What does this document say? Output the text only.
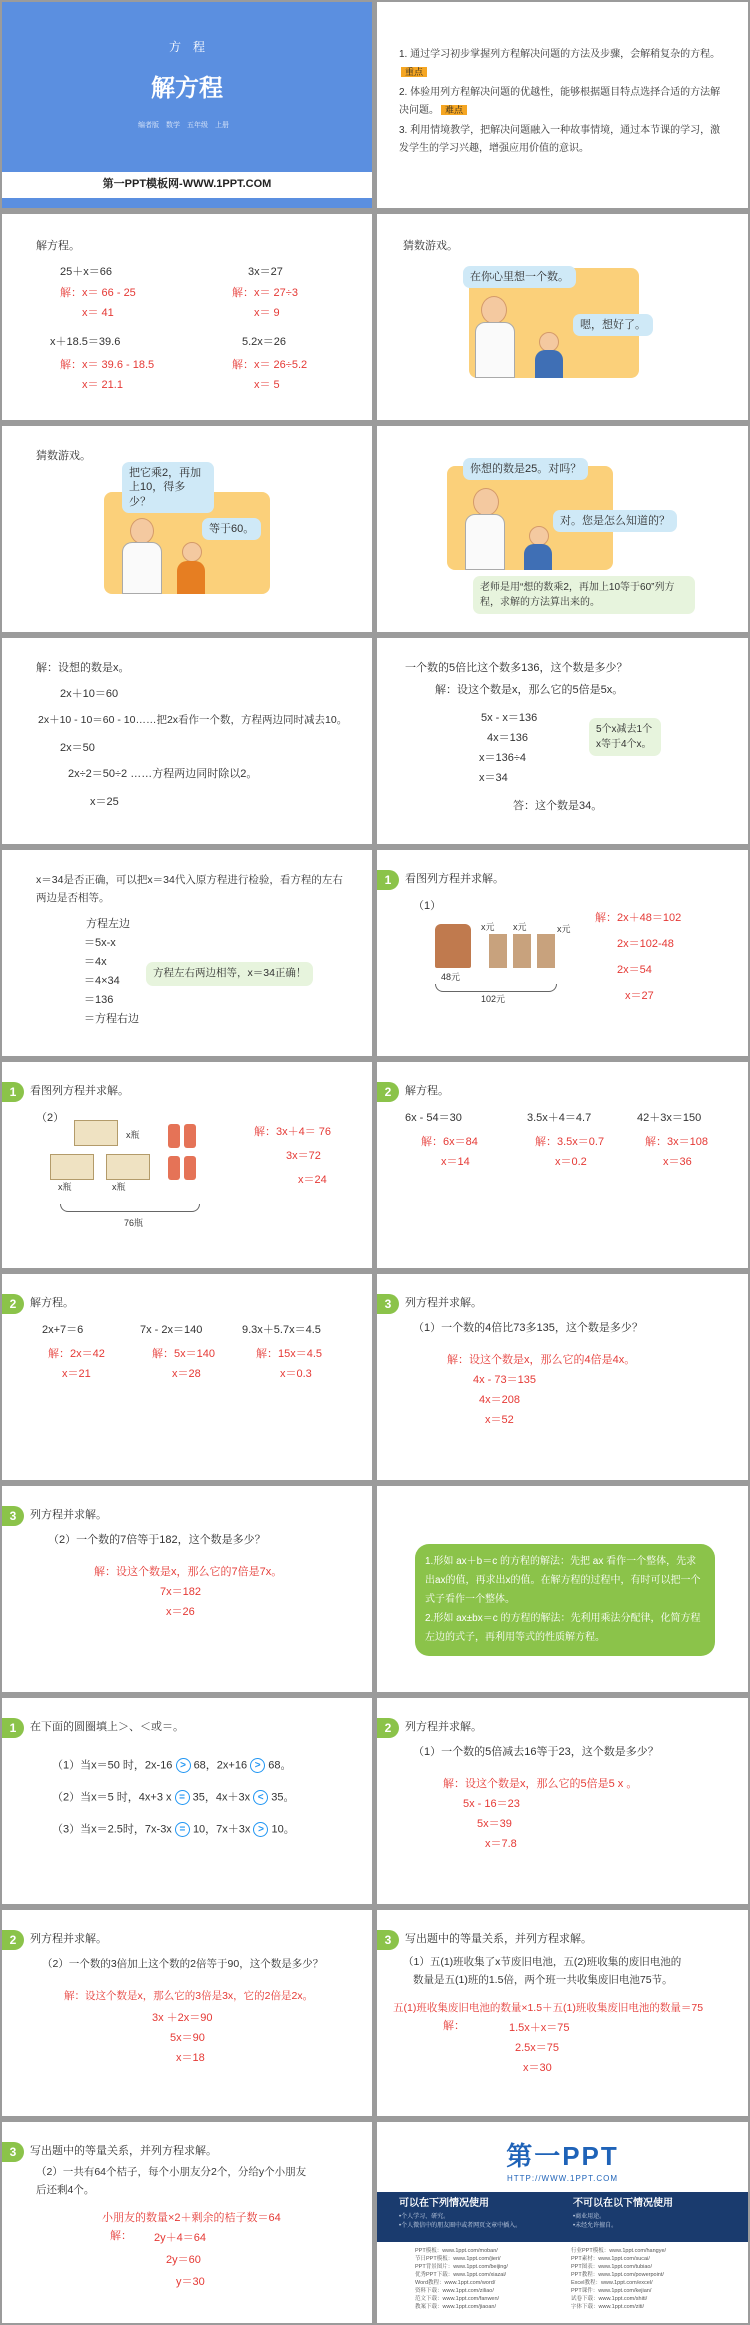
方　程
解方程
编者版　 数学　 五年级　 上册
第一PPT模板网-WWW.1PPT.COM
1. 通过学习初步掌握列方程解决问题的方法及步骤，会解稍复杂的方程。重点
2. 体验用列方程解决问题的优越性，能够根据题目特点选择合适的方法解决问题。 难点
3. 利用情境教学，把解决问题融入一种故事情境，通过本节课的学习，激发学生的学习兴趣，增强应用价值的意识。
解方程。
25＋x＝66
解：x＝ 66 - 25
x＝ 41
x＋18.5＝39.6
解：x＝ 39.6 - 18.5
x＝ 21.1
3x＝27
解：x＝ 27÷3
x＝ 9
5.2x＝26
解：x＝ 26÷5.2
x＝ 5
猜数游戏。
在你心里想一个数。
嗯，想好了。
猜数游戏。
把它乘2，再加上10，得多少？
等于60。
你想的数是25。对吗？
对。您是怎么知道的？
老师是用“想的数乘2，再加上10等于60”列方程，求解的方法算出来的。
解：设想的数是x。
2x＋10＝60
2x＋10 - 10＝60 - 10……把2x看作一个数，方程两边同时减去10。
2x＝50
2x÷2＝50÷2 ……方程两边同时除以2。
x＝25
一个数的5倍比这个数多136，这个数是多少？
解：设这个数是x，那么它的5倍是5x。
5x - x＝136
4x＝136
x＝136÷4
x＝34
答：这个数是34。
5个x减去1个x等于4个x。
x＝34是否正确，可以把x＝34代入原方程进行检验，看方程的左右两边是否相等。
方程左边
＝5x-x
＝4x
＝4×34
＝136
＝方程右边
方程左右两边相等，x＝34正确！
1	看图列方程并求解。
（1）
x元 x元	x元
48元
102元
解：2x＋48＝102
2x＝102-48
2x＝54
x＝27
1	看图列方程并求解。
（2）
x瓶
x瓶	x瓶
76瓶
解：3x＋4＝ 76
3x＝72
x＝24
2	解方程。
6x - 54＝30
解：6x＝84
x＝14
3.5x＋4＝4.7
解：3.5x＝0.7
x＝0.2
42＋3x＝150
解：3x＝108
x＝36
2	解方程。
2x+7＝6
解：2x＝42
x＝21
7x - 2x＝140
解：5x＝140
x＝28
9.3x＋5.7x＝4.5
解：15x＝4.5
x＝0.3
3	列方程并求解。
（1）一个数的4倍比73多135，这个数是多少？
解：设这个数是x，那么它的4倍是4x。
4x - 73＝135
4x＝208
x＝52
3	列方程并求解。
（2）一个数的7倍等于182，这个数是多少？
解：设这个数是x，那么它的7倍是7x。
7x＝182
x＝26
1.形如 ax＋b＝c 的方程的解法：先把 ax 看作一个整体，先求出ax的值，再求出x的值。在解方程的过程中，有时可以把一个式子看作一个整体。
2.形如 ax±bx＝c 的方程的解法：先利用乘法分配律，化简方程左边的式子，再利用等式的性质解方程。
1	在下面的圆圈填上＞、＜或＝。
（1）当x＝50 时，2x-16 > 68，2x+16 > 68。
（2）当x＝5 时，4x+3 x = 35，4x＋3x < 35。
（3）当x＝2.5时，7x-3x = 10，7x＋3x > 10。
2	列方程并求解。
（1）一个数的5倍减去16等于23，这个数是多少？
解：设这个数是x，那么它的5倍是5 x 。
5x - 16＝23
5x＝39
x＝7.8
2	列方程并求解。
（2）一个数的3倍加上这个数的2倍等于90，这个数是多少？
解：设这个数是x，那么它的3倍是3x，它的2倍是2x。
3x ＋2x＝90
5x＝90
x＝18
3	写出题中的等量关系，并列方程求解。
（1）五(1)班收集了x节废旧电池，五(2)班收集的废旧电池的
数量是五(1)班的1.5倍，两个班一共收集废旧电池75节。
五(1)班收集废旧电池的数量×1.5＋五(1)班收集废旧电池的数量＝75
解：	1.5x＋x＝75
2.5x＝75
x＝30
3	写出题中的等量关系，并列方程求解。
（2）一共有64个桔子，每个小朋友分2个，分给y个小朋友
后还剩4个。
小朋友的数量×2＋剩余的桔子数＝64
解： 2y＋4＝64
2y＝60
y＝30
第一PPT
HTTP://WWW.1PPT.COM
可以在下列情况使用
•个人学习、研究。
•个人微信中的朋友圈中或者网页文章中插入。
不可以在以下情况使用
•商业用途。
•未经允许擅自。
PPT模板：www.1ppt.com/moban/	行业PPT模板：www.1ppt.com/hangye/
节日PPT模板：www.1ppt.com/jieri/	PPT素材：www.1ppt.com/sucai/
PPT背景图片：www.1ppt.com/beijing/	PPT图表：www.1ppt.com/tubiao/
优秀PPT下载：www.1ppt.com/xiazai/	PPT教程：www.1ppt.com/powerpoint/
Word教程：www.1ppt.com/word/	Excel教程：www.1ppt.com/excel/
资料下载：www.1ppt.com/ziliao/	PPT课件：www.1ppt.com/kejian/
范文下载：www.1ppt.com/fanwen/	试卷下载：www.1ppt.com/shiti/
教案下载：www.1ppt.com/jiaoan/	字体下载：www.1ppt.com/ziti/
